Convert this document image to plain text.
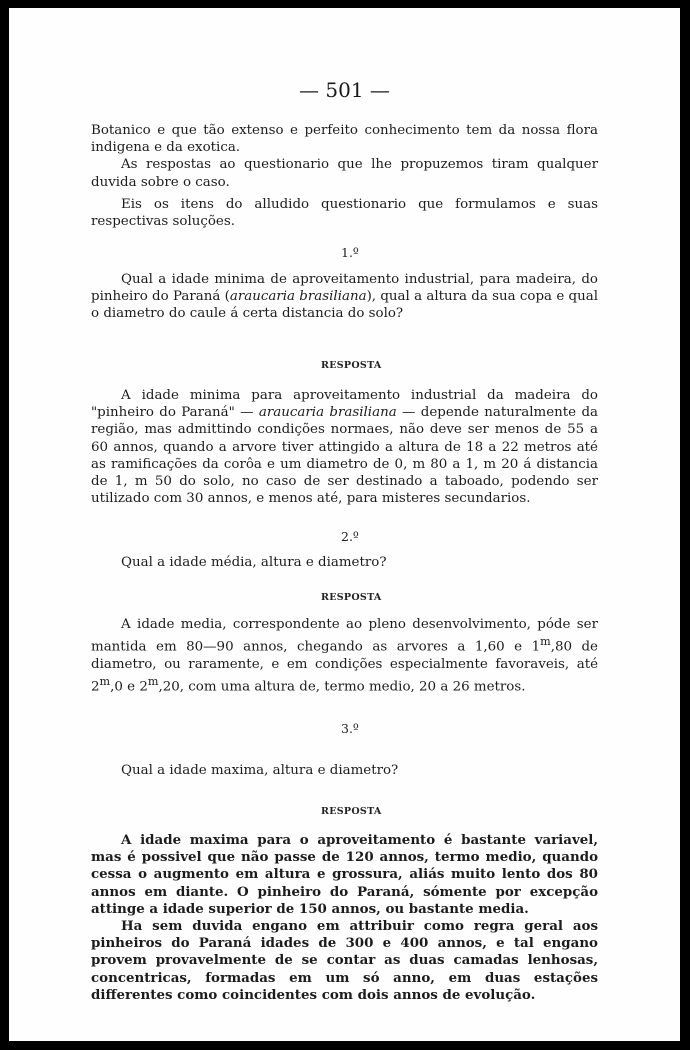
— 501 —

Botanico e que tão extenso e perfeito conhecimento tem da nossa flora indigena e da exotica.

As respostas ao questionario que lhe propuzemos tiram qualquer duvida sobre o caso.

Eis os itens do alludido questionario que formulamos e suas respectivas soluções.

1.º

Qual a idade minima de aproveitamento industrial, para madeira, do pinheiro do Paraná (araucaria brasiliana), qual a altura da sua copa e qual o diametro do caule á certa distancia do solo?

RESPOSTA

A idade minima para aproveitamento industrial da madeira do "pinheiro do Paraná" — araucaria brasiliana — depende naturalmente da região, mas admittindo condições normaes, não deve ser menos de 55 a 60 annos, quando a arvore tiver attingido a altura de 18 a 22 metros até as ramificações da corôa e um diametro de 0, m 80 a 1, m 20 á distancia de 1, m 50 do solo, no caso de ser destinado a taboado, podendo ser utilizado com 30 annos, e menos até, para misteres secundarios.

2.º

Qual a idade média, altura e diametro?

RESPOSTA

A idade media, correspondente ao pleno desenvolvimento, póde ser mantida em 80—90 annos, chegando as arvores a 1,60 e 1$^m$,80 de diametro, ou raramente, e em condições especialmente favoraveis, até 2$^m$,0 e 2$^m$,20, com uma altura de, termo medio, 20 a 26 metros.

3.º

Qual a idade maxima, altura e diametro?

RESPOSTA

A idade maxima para o aproveitamento é bastante variavel, mas é possivel que não passe de 120 annos, termo medio, quando cessa o augmento em altura e grossura, aliás muito lento dos 80 annos em diante. O pinheiro do Paraná, sómente por excepção attinge a idade superior de 150 annos, ou bastante media.

Ha sem duvida engano em attribuir como regra geral aos pinheiros do Paraná idades de 300 e 400 annos, e tal engano provem provavelmente de se contar as duas camadas lenhosas, concentricas, formadas em um só anno, em duas estações differentes como coincidentes com dois annos de evolução.
